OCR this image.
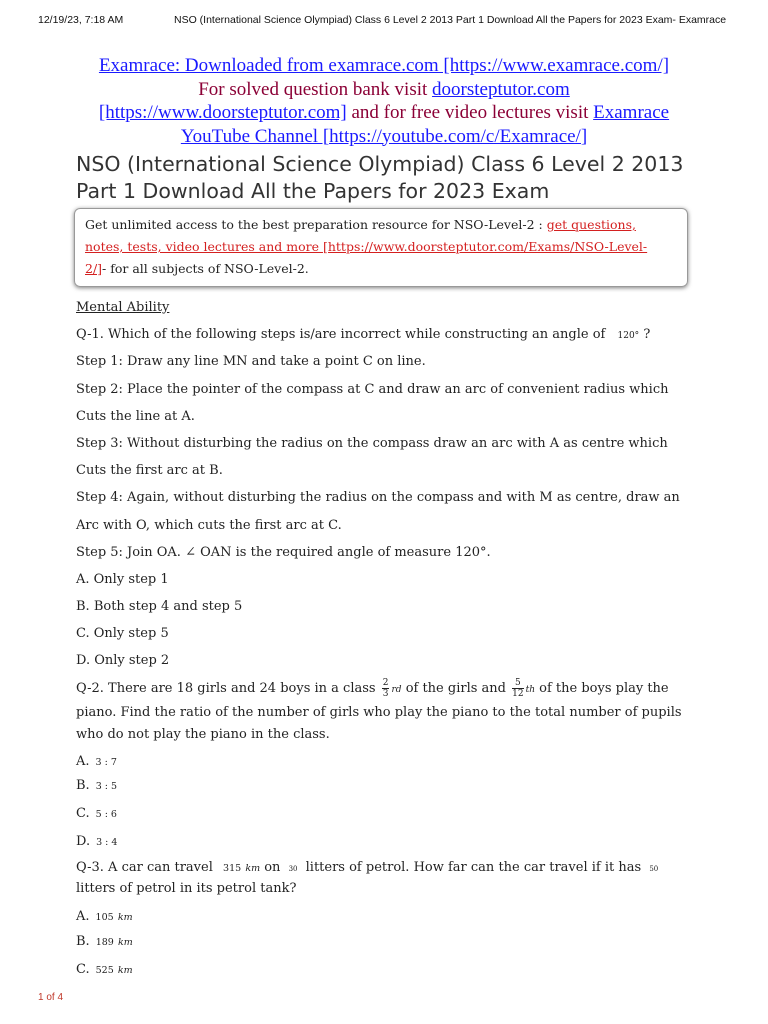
12/19/23, 7:18 AM	NSO (International Science Olympiad) Class 6 Level 2 2013 Part 1 Download All the Papers for 2023 Exam- Examrace
Examrace: Downloaded from examrace.com [https://www.examrace.com/]
For solved question bank visit doorsteptutor.com
[https://www.doorsteptutor.com] and for free video lectures visit Examrace
YouTube Channel [https://youtube.com/c/Examrace/]
NSO (International Science Olympiad) Class 6 Level 2 2013
Part 1 Download All the Papers for 2023 Exam
Get unlimited access to the best preparation resource for NSO-Level-2 : get questions,
notes, tests, video lectures and more [https://www.doorsteptutor.com/Exams/NSO-Level-
2/]- for all subjects of NSO-Level-2.
Mental Ability
Q-1. Which of the following steps is/are incorrect while constructing an angle of 120° ?
Step 1: Draw any line MN and take a point C on line.
Step 2: Place the pointer of the compass at C and draw an arc of convenient radius which
Cuts the line at A.
Step 3: Without disturbing the radius on the compass draw an arc with A as centre which
Cuts the first arc at B.
Step 4: Again, without disturbing the radius on the compass and with M as centre, draw an
Arc with O, which cuts the first arc at C.
Step 5: Join OA. ∠ OAN is the required angle of measure 120°.
A. Only step 1
B. Both step 4 and step 5
C. Only step 5
D. Only step 2
Q-2. There are 18 girls and 24 boys in a class $\frac{2}{3}$ rd of the girls and $\frac{5}{12}$ th of the boys play the
piano. Find the ratio of the number of girls who play the piano to the total number of pupils
who do not play the piano in the class.
A. 3 : 7
B. 3 : 5
C. 5 : 6
D. 3 : 4
Q-3. A car can travel 315 km on 30 litters of petrol. How far can the car travel if it has 50
litters of petrol in its petrol tank?
A. 105 km
B. 189 km
C. 525 km
1 of 4
